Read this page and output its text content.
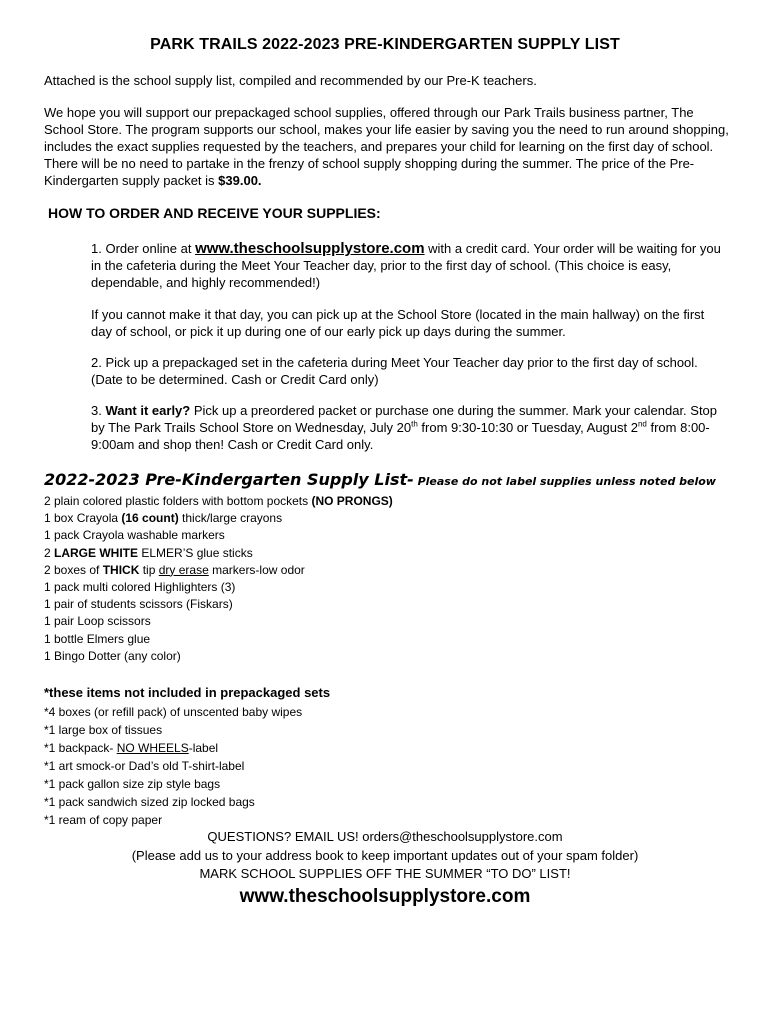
PARK TRAILS 2022-2023 PRE-KINDERGARTEN SUPPLY LIST
Attached is the school supply list, compiled and recommended by our Pre-K teachers.
We hope you will support our prepackaged school supplies, offered through our Park Trails business partner, The School Store. The program supports our school, makes your life easier by saving you the need to run around shopping, includes the exact supplies requested by the teachers, and prepares your child for learning on the first day of school. There will be no need to partake in the frenzy of school supply shopping during the summer. The price of the Pre-Kindergarten supply packet is $39.00.
HOW TO ORDER AND RECEIVE YOUR SUPPLIES:
1. Order online at www.theschoolsupplystore.com with a credit card. Your order will be waiting for you in the cafeteria during the Meet Your Teacher day, prior to the first day of school. (This choice is easy, dependable, and highly recommended!)
If you cannot make it that day, you can pick up at the School Store (located in the main hallway) on the first day of school, or pick it up during one of our early pick up days during the summer.
2. Pick up a prepackaged set in the cafeteria during Meet Your Teacher day prior to the first day of school. (Date to be determined. Cash or Credit Card only)
3. Want it early? Pick up a preordered packet or purchase one during the summer. Mark your calendar. Stop by The Park Trails School Store on Wednesday, July 20th from 9:30-10:30 or Tuesday, August 2nd from 8:00-9:00am and shop then! Cash or Credit Card only.
2022-2023 Pre-Kindergarten Supply List- Please do not label supplies unless noted below
2 plain colored plastic folders with bottom pockets (NO PRONGS)
1 box Crayola (16 count) thick/large crayons
1 pack Crayola washable markers
2 LARGE WHITE ELMER’S glue sticks
2 boxes of THICK tip dry erase markers-low odor
1 pack multi colored Highlighters (3)
1 pair of students scissors (Fiskars)
1 pair Loop scissors
1 bottle Elmers glue
1 Bingo Dotter (any color)
*these items not included in prepackaged sets
*4 boxes (or refill pack) of unscented baby wipes
*1 large box of tissues
*1 backpack- NO WHEELS-label
*1 art smock-or Dad’s old T-shirt-label
*1 pack gallon size zip style bags
*1 pack sandwich sized zip locked bags
*1 ream of copy paper
QUESTIONS? EMAIL US! orders@theschoolsupplystore.com
(Please add us to your address book to keep important updates out of your spam folder)
MARK SCHOOL SUPPLIES OFF THE SUMMER “TO DO” LIST!
www.theschoolsupplystore.com
